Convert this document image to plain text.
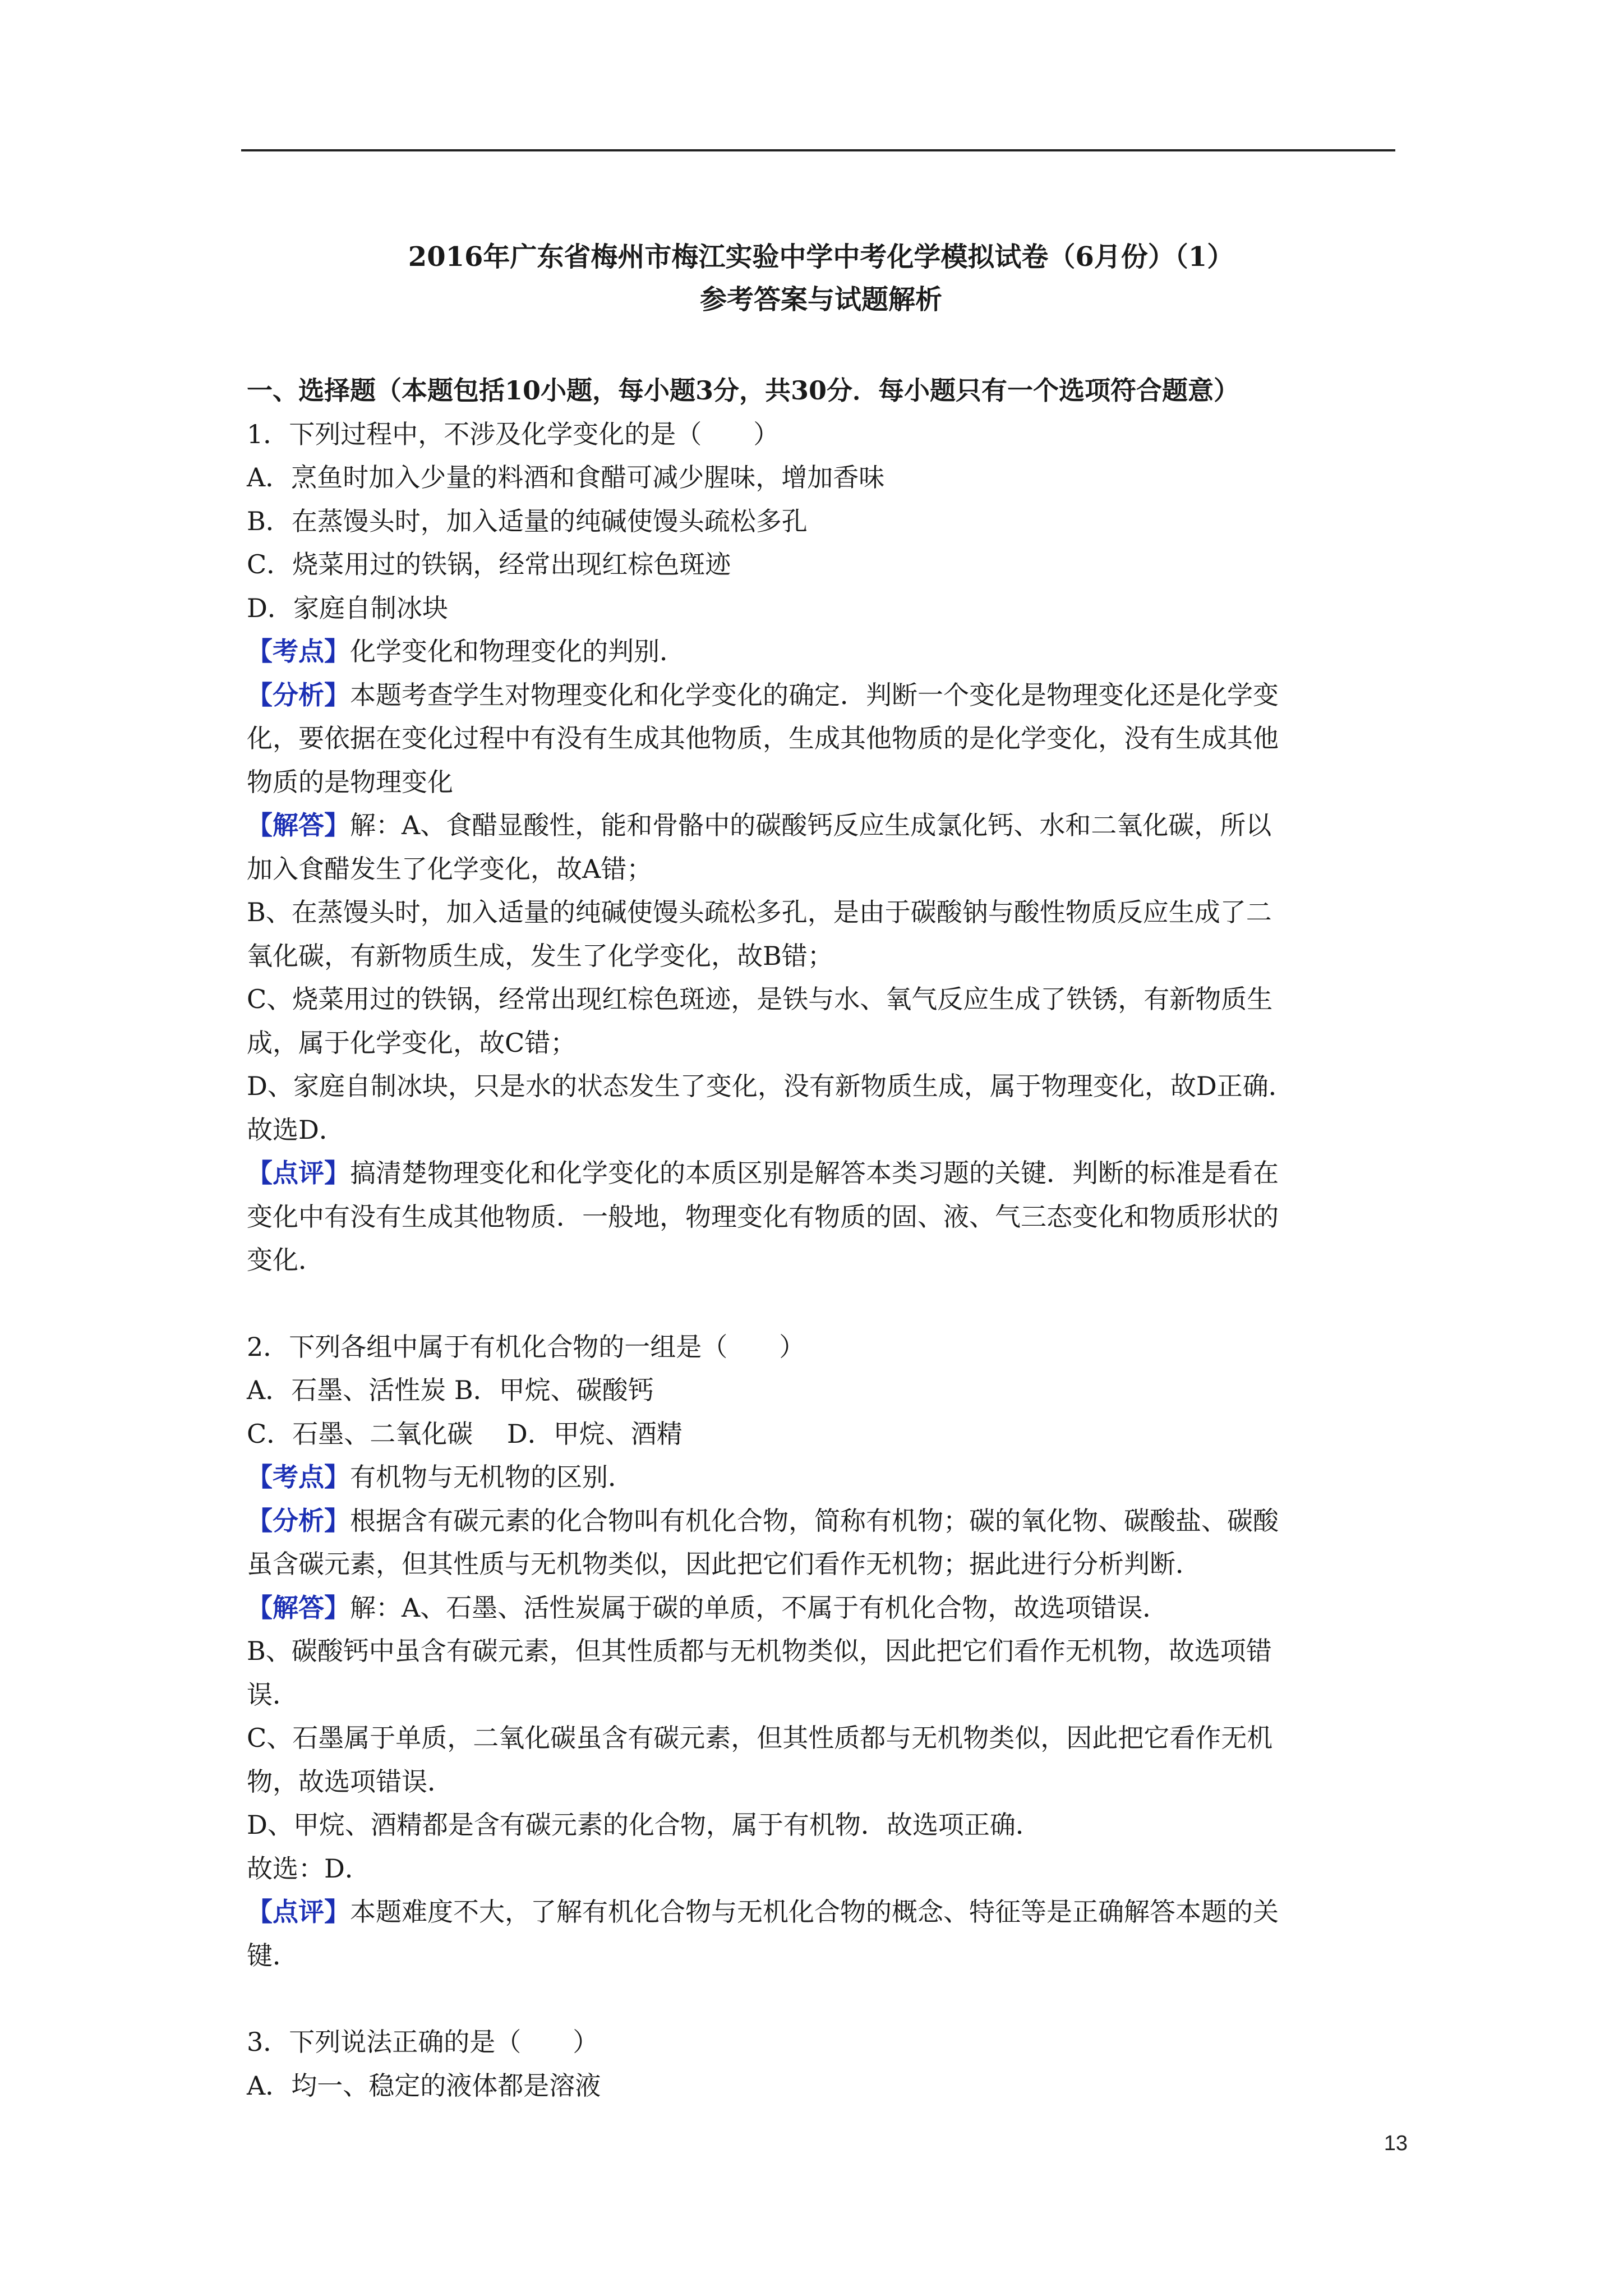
2016年广东省梅州市梅江实验中学中考化学模拟试卷（6月份）（1）

参考答案与试题解析

一、选择题（本题包括10小题，每小题3分，共30分．每小题只有一个选项符合题意）

1．下列过程中，不涉及化学变化的是（　　）

A．烹鱼时加入少量的料酒和食醋可减少腥味，增加香味

B．在蒸馒头时，加入适量的纯碱使馒头疏松多孔

C．烧菜用过的铁锅，经常出现红棕色斑迹

D．家庭自制冰块

【考点】化学变化和物理变化的判别．

【分析】本题考查学生对物理变化和化学变化的确定．判断一个变化是物理变化还是化学变

化，要依据在变化过程中有没有生成其他物质，生成其他物质的是化学变化，没有生成其他

物质的是物理变化

【解答】解：A、食醋显酸性，能和骨骼中的碳酸钙反应生成氯化钙、水和二氧化碳，所以

加入食醋发生了化学变化，故A错；

B、在蒸馒头时，加入适量的纯碱使馒头疏松多孔，是由于碳酸钠与酸性物质反应生成了二

氧化碳，有新物质生成，发生了化学变化，故B错；

C、烧菜用过的铁锅，经常出现红棕色斑迹，是铁与水、氧气反应生成了铁锈，有新物质生

成，属于化学变化，故C错；

D、家庭自制冰块，只是水的状态发生了变化，没有新物质生成，属于物理变化，故D正确．

故选D．

【点评】搞清楚物理变化和化学变化的本质区别是解答本类习题的关键．判断的标准是看在

变化中有没有生成其他物质．一般地，物理变化有物质的固、液、气三态变化和物质形状的

变化．

2．下列各组中属于有机化合物的一组是（　　）

A．石墨、活性炭 B．甲烷、碳酸钙

C．石墨、二氧化碳　 D．甲烷、酒精

【考点】有机物与无机物的区别．

【分析】根据含有碳元素的化合物叫有机化合物，简称有机物；碳的氧化物、碳酸盐、碳酸

虽含碳元素，但其性质与无机物类似，因此把它们看作无机物；据此进行分析判断．

【解答】解：A、石墨、活性炭属于碳的单质，不属于有机化合物，故选项错误．

B、碳酸钙中虽含有碳元素，但其性质都与无机物类似，因此把它们看作无机物，故选项错

误．

C、石墨属于单质，二氧化碳虽含有碳元素，但其性质都与无机物类似，因此把它看作无机

物，故选项错误．

D、甲烷、酒精都是含有碳元素的化合物，属于有机物．故选项正确．

故选：D．

【点评】本题难度不大，了解有机化合物与无机化合物的概念、特征等是正确解答本题的关

键．

3．下列说法正确的是（　　）

A．均一、稳定的液体都是溶液

13
